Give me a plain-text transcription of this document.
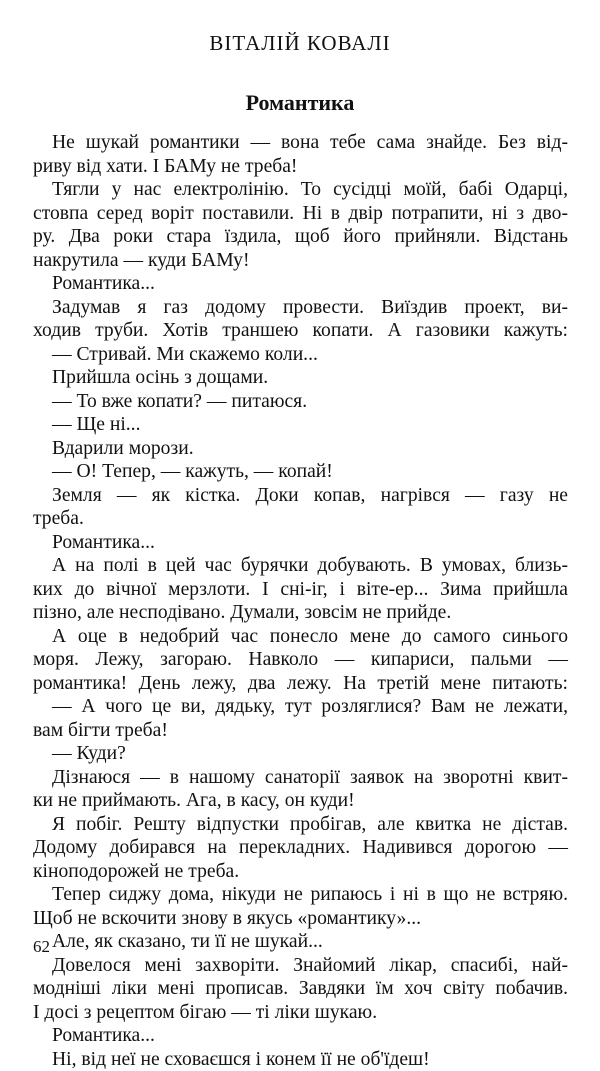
ВІТАЛІЙ КОВАЛІ
Романтика
Не шукай романтики — вона тебе сама знайде. Без від-
риву від хати. І БАМу не треба!
Тягли у нас електролінію. То сусідці моїй, бабі Одарці,
стовпа серед воріт поставили. Ні в двір потрапити, ні з дво-
ру. Два роки стара їздила, щоб його прийняли. Відстань
накрутила — куди БАМу!
Романтика...
Задумав я газ додому провести. Виїздив проект, ви-
ходив труби. Хотів траншею копати. А газовики кажуть:
— Стривай. Ми скажемо коли...
Прийшла осінь з дощами.
— То вже копати? — питаюся.
— Ще ні...
Вдарили морози.
— О! Тепер, — кажуть, — копай!
Земля — як кістка. Доки копав, нагрівся — газу не
треба.
Романтика...
А на полі в цей час бурячки добувають. В умовах, близь-
ких до вічної мерзлоти. І сні-іг, і віте-ер... Зима прийшла
пізно, але несподівано. Думали, зовсім не прийде.
А оце в недобрий час понесло мене до самого синього
моря. Лежу, загораю. Навколо — кипариси, пальми —
романтика! День лежу, два лежу. На третій мене питають:
— А чого це ви, дядьку, тут розляглися? Вам не лежати,
вам бігти треба!
— Куди?
Дізнаюся — в нашому санаторії заявок на зворотні квит-
ки не приймають. Ага, в касу, он куди!
Я побіг. Решту відпустки пробігав, але квитка не дістав.
Додому добирався на перекладних. Надивився дорогою —
кіноподорожей не треба.
Тепер сиджу дома, нікуди не рипаюсь і ні в що не встряю.
Щоб не вскочити знову в якусь «романтику»...
Але, як сказано, ти її не шукай...
Довелося мені захворіти. Знайомий лікар, спасибі, най-
модніші ліки мені прописав. Завдяки їм хоч світу побачив.
І досі з рецептом бігаю — ті ліки шукаю.
Романтика...
Ні, від неї не сховаєшся і конем її не об'їдеш!
62
